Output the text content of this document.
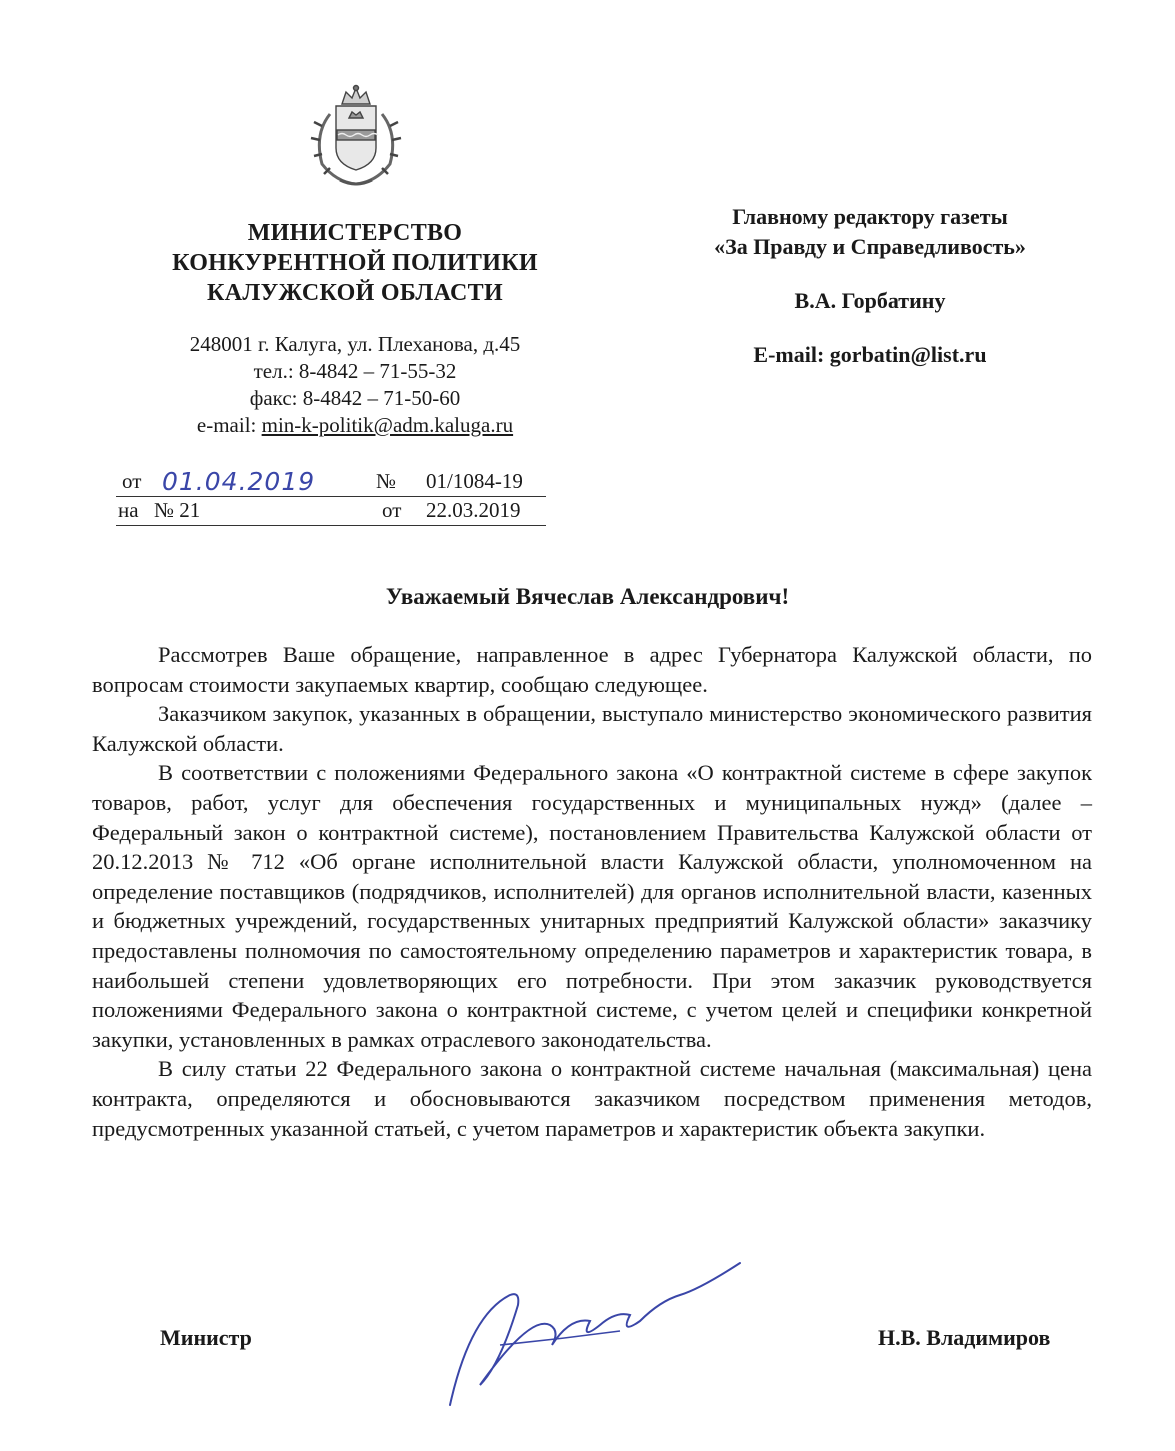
МИНИСТЕРСТВО
КОНКУРЕНТНОЙ ПОЛИТИКИ
КАЛУЖСКОЙ ОБЛАСТИ
248001 г. Калуга, ул. Плеханова, д.45
тел.: 8-4842 – 71-55-32
факс: 8-4842 – 71-50-60
e-mail: min-k-politik@adm.kaluga.ru
от 01.04.2019	№ 01/1084-19
на № 21	от 22.03.2019
Главному редактору газеты
«За Правду и Справедливость»
В.А. Горбатину
E-mail: gorbatin@list.ru
Уважаемый Вячеслав Александрович!

Рассмотрев Ваше обращение, направленное в адрес Губернатора Калужской области, по вопросам стоимости закупаемых квартир, сообщаю следующее.

Заказчиком закупок, указанных в обращении, выступало министерство экономического развития Калужской области.

В соответствии с положениями Федерального закона «О контрактной системе в сфере закупок товаров, работ, услуг для обеспечения государственных и муниципальных нужд» (далее – Федеральный закон о контрактной системе), постановлением Правительства Калужской области от 20.12.2013 № 712 «Об органе исполнительной власти Калужской области, уполномоченном на определение поставщиков (подрядчиков, исполнителей) для органов исполнительной власти, казенных и бюджетных учреждений, государственных унитарных предприятий Калужской области» заказчику предоставлены полномочия по самостоятельному определению параметров и характеристик товара, в наибольшей степени удовлетворяющих его потребности. При этом заказчик руководствуется положениями Федерального закона о контрактной системе, с учетом целей и специфики конкретной закупки, установленных в рамках отраслевого законодательства.

В силу статьи 22 Федерального закона о контрактной системе начальная (максимальная) цена контракта, определяются и обосновываются заказчиком посредством применения методов, предусмотренных указанной статьей, с учетом параметров и характеристик объекта закупки.

Министр	Н.В. Владимиров
